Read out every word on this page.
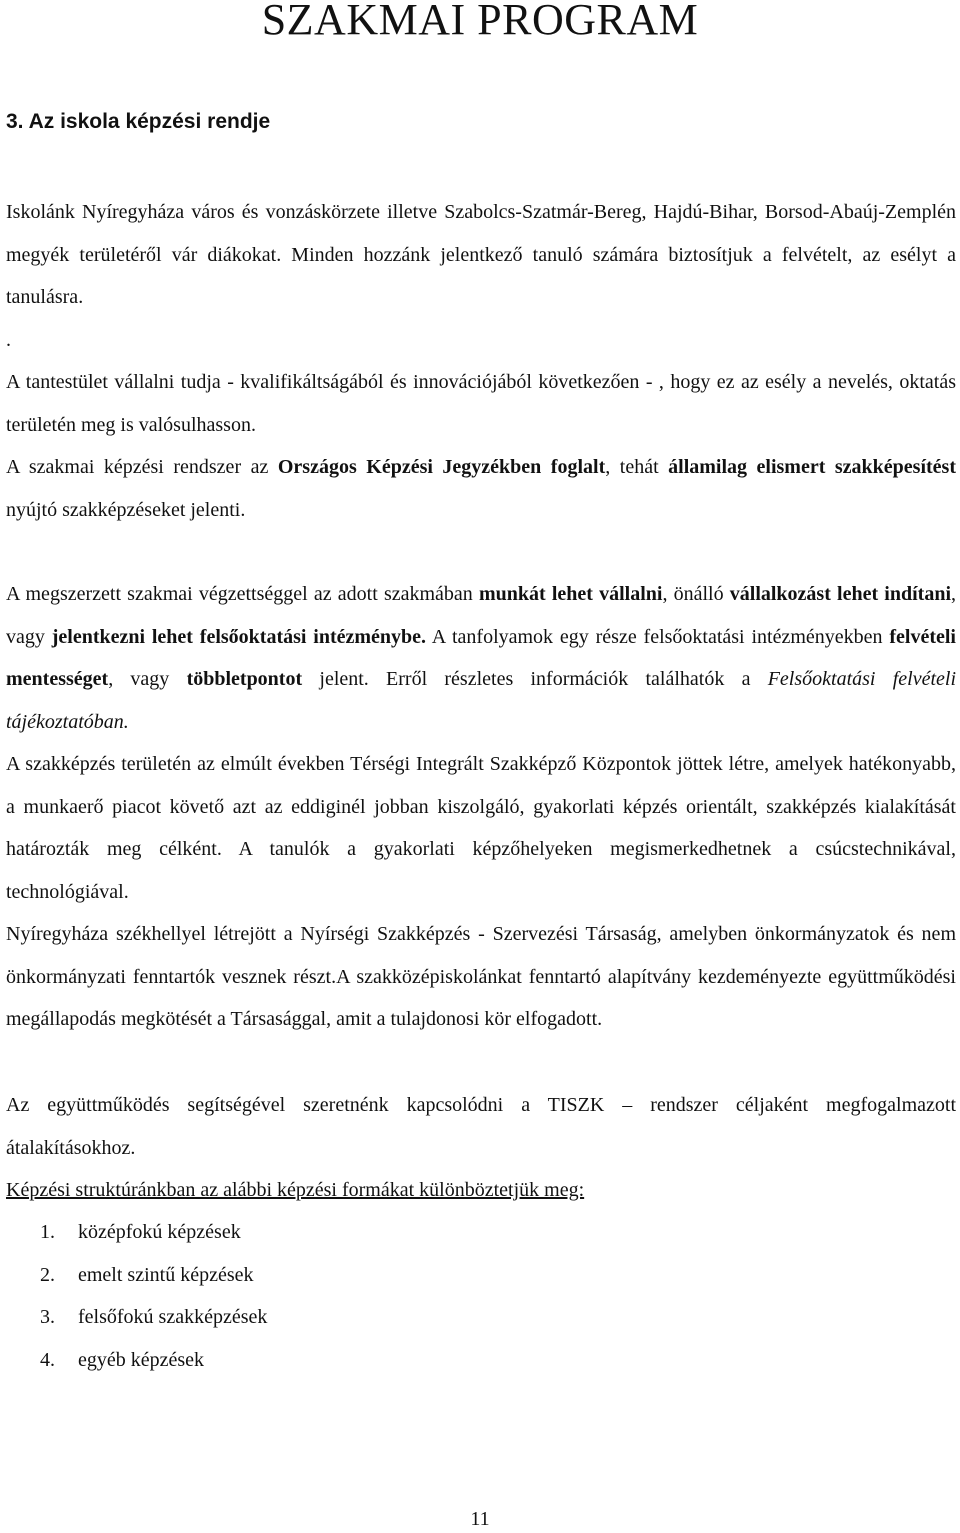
SZAKMAI PROGRAM
3. Az iskola képzési rendje

Iskolánk Nyíregyháza város és vonzáskörzete illetve Szabolcs-Szatmár-Bereg, Hajdú-Bihar, Borsod-Abaúj-Zemplén megyék területéről vár diákokat. Minden hozzánk jelentkező tanuló számára biztosítjuk a felvételt, az esélyt a tanulásra.

.

A tantestület vállalni tudja - kvalifikáltságából és innovációjából következően - , hogy ez az esély a nevelés, oktatás területén meg is valósulhasson.

A szakmai képzési rendszer az Országos Képzési Jegyzékben foglalt, tehát államilag elismert szakképesítést nyújtó szakképzéseket jelenti.

A megszerzett szakmai végzettséggel az adott szakmában munkát lehet vállalni, önálló vállalkozást lehet indítani, vagy jelentkezni lehet felsőoktatási intézménybe. A tanfolyamok egy része felsőoktatási intézményekben felvételi mentességet, vagy többletpontot jelent. Erről részletes információk találhatók a Felsőoktatási felvételi tájékoztatóban.

A szakképzés területén az elmúlt években Térségi Integrált Szakképző Központok jöttek létre, amelyek hatékonyabb, a munkaerő piacot követő azt az eddiginél jobban kiszolgáló, gyakorlati képzés orientált, szakképzés kialakítását határozták meg célként. A tanulók a gyakorlati képzőhelyeken megismerkedhetnek a csúcstechnikával, technológiával.

Nyíregyháza székhellyel létrejött a Nyírségi Szakképzés - Szervezési Társaság, amelyben önkormányzatok és nem önkormányzati fenntartók vesznek részt.A szakközépiskolánkat fenntartó alapítvány kezdeményezte együttműködési megállapodás megkötését a Társasággal, amit a tulajdonosi kör elfogadott.

Az együttműködés segítségével szeretnénk kapcsolódni a TISZK – rendszer céljaként megfogalmazott átalakításokhoz.

Képzési struktúránkban az alábbi képzési formákat különböztetjük meg:

1.	középfokú képzések
2.	emelt szintű képzések
3.	felsőfokú szakképzések
4.	egyéb képzések
11
